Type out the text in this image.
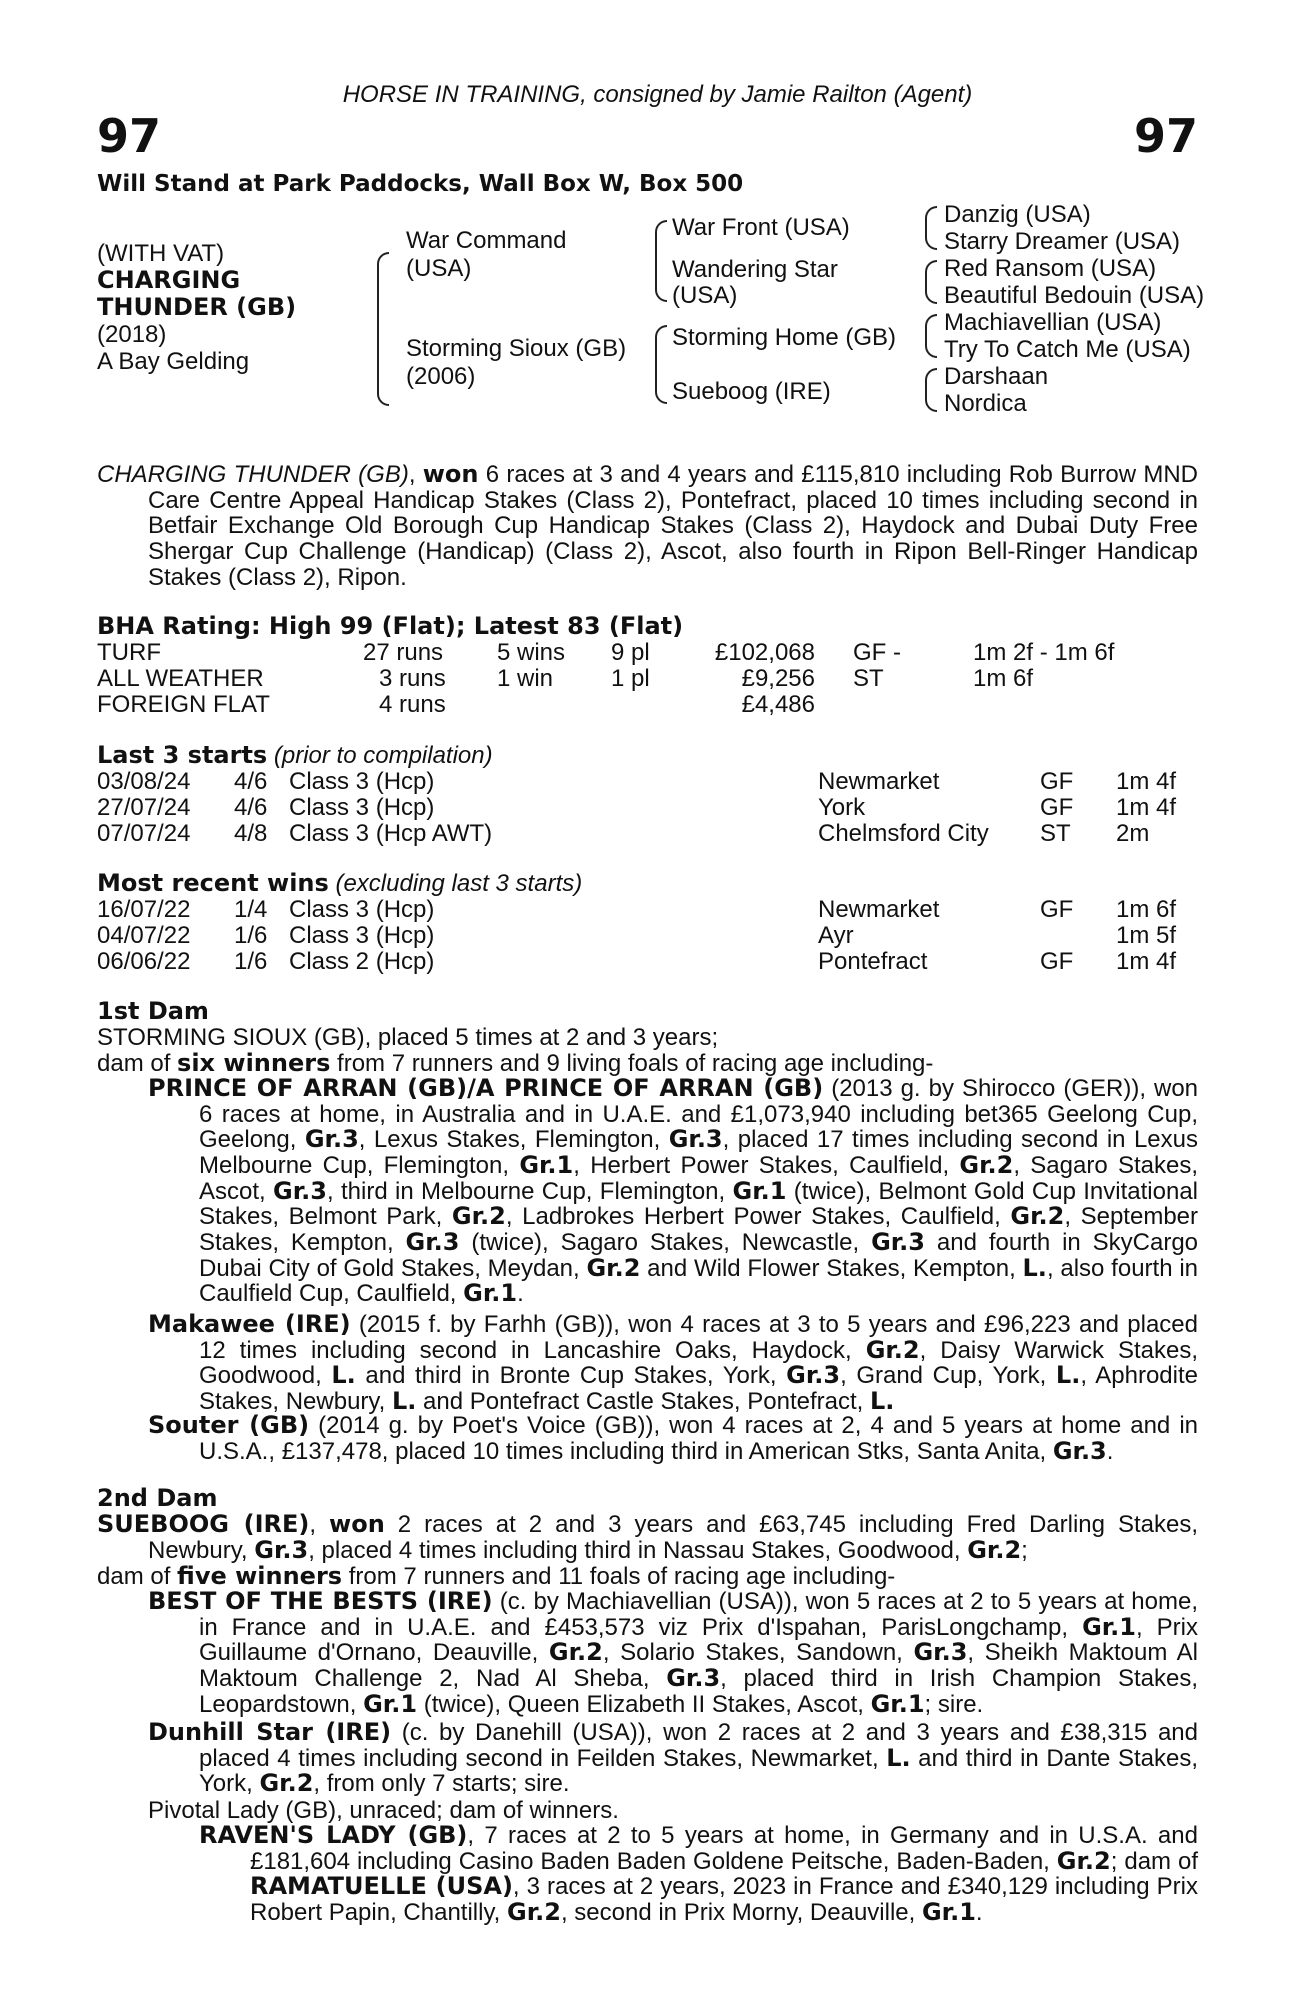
HORSE IN TRAINING, consigned by Jamie Railton (Agent)
97	97
Will Stand at Park Paddocks, Wall Box W, Box 500
(WITH VAT)
CHARGING
THUNDER (GB)
(2018)
A Bay Gelding
War Command
(USA)
Storming Sioux (GB)
(2006)
War Front (USA)
Wandering Star
(USA)
Storming Home (GB)
Sueboog (IRE)
Danzig (USA)
Starry Dreamer (USA)
Red Ransom (USA)
Beautiful Bedouin (USA)
Machiavellian (USA)
Try To Catch Me (USA)
Darshaan
Nordica
CHARGING THUNDER (GB), won 6 races at 3 and 4 years and £115,810 including Rob Burrow MND Care Centre Appeal Handicap Stakes (Class 2), Pontefract, placed 10 times including second in Betfair Exchange Old Borough Cup Handicap Stakes (Class 2), Haydock and Dubai Duty Free Shergar Cup Challenge (Handicap) (Class 2), Ascot, also fourth in Ripon Bell-Ringer Handicap Stakes (Class 2), Ripon.
BHA Rating: High 99 (Flat); Latest 83 (Flat)
TURF	27 runs 5 wins 9 pl	£102,068 GF -	1m 2f - 1m 6f
ALL WEATHER	3 runs 1 win 1 pl	£9,256 ST	1m 6f
FOREIGN FLAT	4 runs	£4,486
Last 3 starts (prior to compilation)
03/08/24 4/6 Class 3 (Hcp)	Newmarket	GF 1m 4f
27/07/24 4/6 Class 3 (Hcp)	York	GF 1m 4f
07/07/24 4/8 Class 3 (Hcp AWT)	Chelmsford City ST 2m
Most recent wins (excluding last 3 starts)
16/07/22 1/4 Class 3 (Hcp)	Newmarket	GF 1m 6f
04/07/22 1/6 Class 3 (Hcp)	Ayr	1m 5f
06/06/22 1/6 Class 2 (Hcp)	Pontefract	GF 1m 4f
1st Dam
STORMING SIOUX (GB), placed 5 times at 2 and 3 years;
dam of six winners from 7 runners and 9 living foals of racing age including-
PRINCE OF ARRAN (GB)/A PRINCE OF ARRAN (GB) (2013 g. by Shirocco (GER)), won 6 races at home, in Australia and in U.A.E. and £1,073,940 including bet365 Geelong Cup, Geelong, Gr.3, Lexus Stakes, Flemington, Gr.3, placed 17 times including second in Lexus Melbourne Cup, Flemington, Gr.1, Herbert Power Stakes, Caulfield, Gr.2, Sagaro Stakes, Ascot, Gr.3, third in Melbourne Cup, Flemington, Gr.1 (twice), Belmont Gold Cup Invitational Stakes, Belmont Park, Gr.2, Ladbrokes Herbert Power Stakes, Caulfield, Gr.2, September Stakes, Kempton, Gr.3 (twice), Sagaro Stakes, Newcastle, Gr.3 and fourth in SkyCargo Dubai City of Gold Stakes, Meydan, Gr.2 and Wild Flower Stakes, Kempton, L., also fourth in Caulfield Cup, Caulfield, Gr.1.
Makawee (IRE) (2015 f. by Farhh (GB)), won 4 races at 3 to 5 years and £96,223 and placed 12 times including second in Lancashire Oaks, Haydock, Gr.2, Daisy Warwick Stakes, Goodwood, L. and third in Bronte Cup Stakes, York, Gr.3, Grand Cup, York, L., Aphrodite Stakes, Newbury, L. and Pontefract Castle Stakes, Pontefract, L.
Souter (GB) (2014 g. by Poet's Voice (GB)), won 4 races at 2, 4 and 5 years at home and in U.S.A., £137,478, placed 10 times including third in American Stks, Santa Anita, Gr.3.
2nd Dam
SUEBOOG (IRE), won 2 races at 2 and 3 years and £63,745 including Fred Darling Stakes, Newbury, Gr.3, placed 4 times including third in Nassau Stakes, Goodwood, Gr.2;
dam of five winners from 7 runners and 11 foals of racing age including-
BEST OF THE BESTS (IRE) (c. by Machiavellian (USA)), won 5 races at 2 to 5 years at home, in France and in U.A.E. and £453,573 viz Prix d'Ispahan, ParisLongchamp, Gr.1, Prix Guillaume d'Ornano, Deauville, Gr.2, Solario Stakes, Sandown, Gr.3, Sheikh Maktoum Al Maktoum Challenge 2, Nad Al Sheba, Gr.3, placed third in Irish Champion Stakes, Leopardstown, Gr.1 (twice), Queen Elizabeth II Stakes, Ascot, Gr.1; sire.
Dunhill Star (IRE) (c. by Danehill (USA)), won 2 races at 2 and 3 years and £38,315 and placed 4 times including second in Feilden Stakes, Newmarket, L. and third in Dante Stakes, York, Gr.2, from only 7 starts; sire.
Pivotal Lady (GB), unraced; dam of winners.
RAVEN'S LADY (GB), 7 races at 2 to 5 years at home, in Germany and in U.S.A. and £181,604 including Casino Baden Baden Goldene Peitsche, Baden-Baden, Gr.2; dam of RAMATUELLE (USA), 3 races at 2 years, 2023 in France and £340,129 including Prix Robert Papin, Chantilly, Gr.2, second in Prix Morny, Deauville, Gr.1.
